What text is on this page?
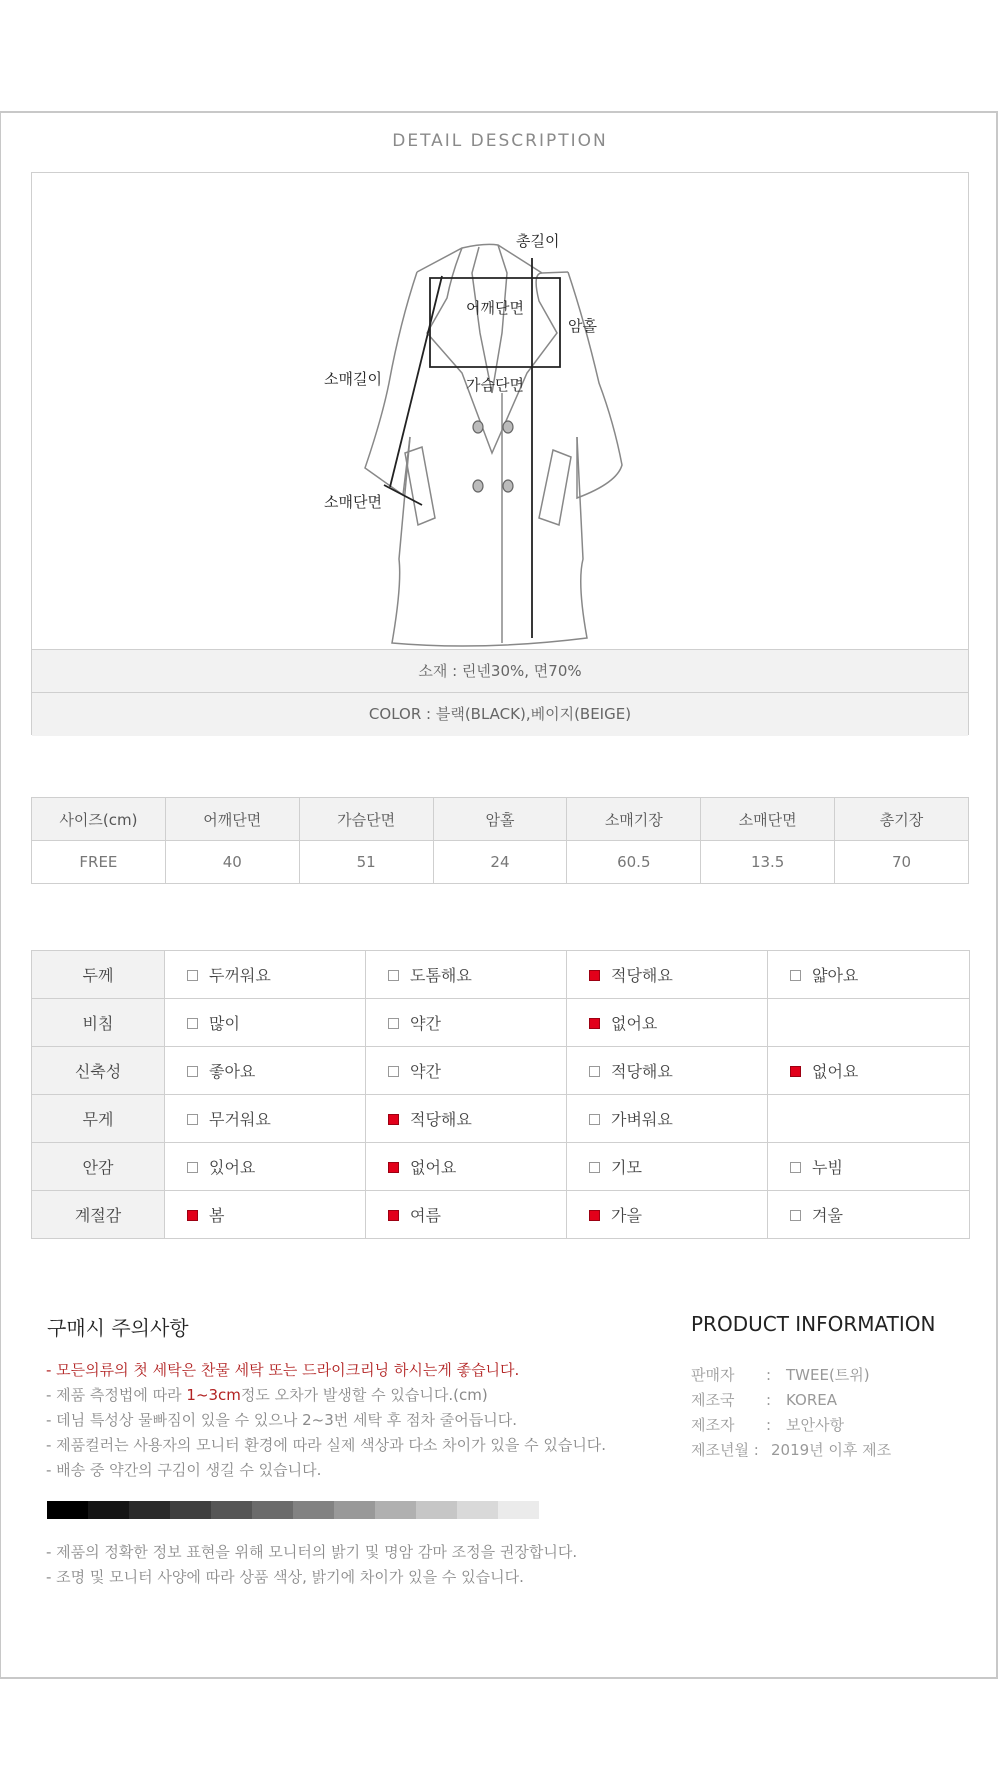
DETAIL DESCRIPTION
총길이
어깨단면
암홀
소매길이	가슴단면
소매단면
소재 : 린넨30%, 면70%
COLOR : 블랙(BLACK),베이지(BEIGE)
사이즈(cm)	어깨단면	가슴단면	암홀	소매기장	소매단면	총기장
FREE	40	51	24	60.5	13.5	70
두께	두꺼워요	도톰해요	적당해요	얇아요
비침	많이	약간	없어요	
신축성	좋아요	약간	적당해요	없어요
무게	무거워요	적당해요	가벼워요	
안감	있어요	없어요	기모	누빔
계절감	봄	여름	가을	겨울
구매시 주의사항
- 모든의류의 첫 세탁은 찬물 세탁 또는 드라이크리닝 하시는게 좋습니다.
- 제품 측정법에 따라 1~3cm정도 오차가 발생할 수 있습니다.(cm)
- 데님 특성상 물빠짐이 있을 수 있으나 2~3번 세탁 후 점차 줄어듭니다.
- 제품컬러는 사용자의 모니터 환경에 따라 실제 색상과 다소 차이가 있을 수 있습니다.
- 배송 중 약간의 구김이 생길 수 있습니다.
- 제품의 정확한 정보 표현을 위해 모니터의 밝기 및 명암 감마 조정을 권장합니다.
- 조명 및 모니터 사양에 따라 상품 색상, 밝기에 차이가 있을 수 있습니다.
PRODUCT INFORMATION
판매자 : TWEE(트위)
제조국 : KOREA
제조자 : 보안사항
제조년월 : 2019년 이후 제조
